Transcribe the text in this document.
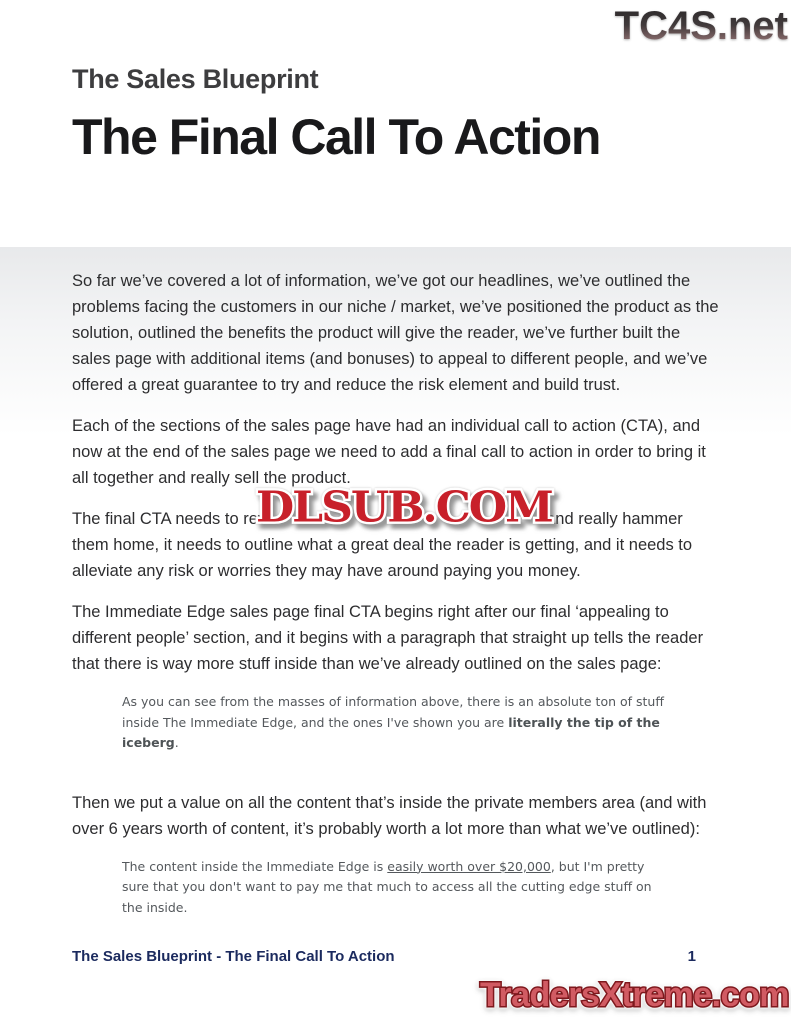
TC4S.net
The Sales Blueprint
The Final Call To Action

So far we’ve covered a lot of information, we’ve got our headlines, we’ve outlined the problems facing the customers in our niche / market, we’ve positioned the product as the solution, outlined the benefits the product will give the reader, we’ve further built the sales page with additional items (and bonuses) to appeal to different people, and we’ve offered a great guarantee to try and reduce the risk element and build trust.

Each of the sections of the sales page have had an individual call to action (CTA), and now at the end of the sales page we need to add a final call to action in order to bring it all together and really sell the product.

The final CTA needs to rev	and really hammer them home, it needs to outline what a great deal the reader is getting, and it needs to alleviate any risk or worries they may have around paying you money.

The Immediate Edge sales page final CTA begins right after our final ‘appealing to different people’ section, and it begins with a paragraph that straight up tells the reader that there is way more stuff inside than we’ve already outlined on the sales page:

As you can see from the masses of information above, there is an absolute ton of stuff inside The Immediate Edge, and the ones I've shown you are literally the tip of the iceberg.

Then we put a value on all the content that’s inside the private members area (and with over 6 years worth of content, it’s probably worth a lot more than what we’ve outlined):

The content inside the Immediate Edge is easily worth over $20,000, but I'm pretty sure that you don't want to pay me that much to access all the cutting edge stuff on the inside.
DLSUB.COM
The Sales Blueprint - The Final Call To Action	1
TradersXtreme.com
